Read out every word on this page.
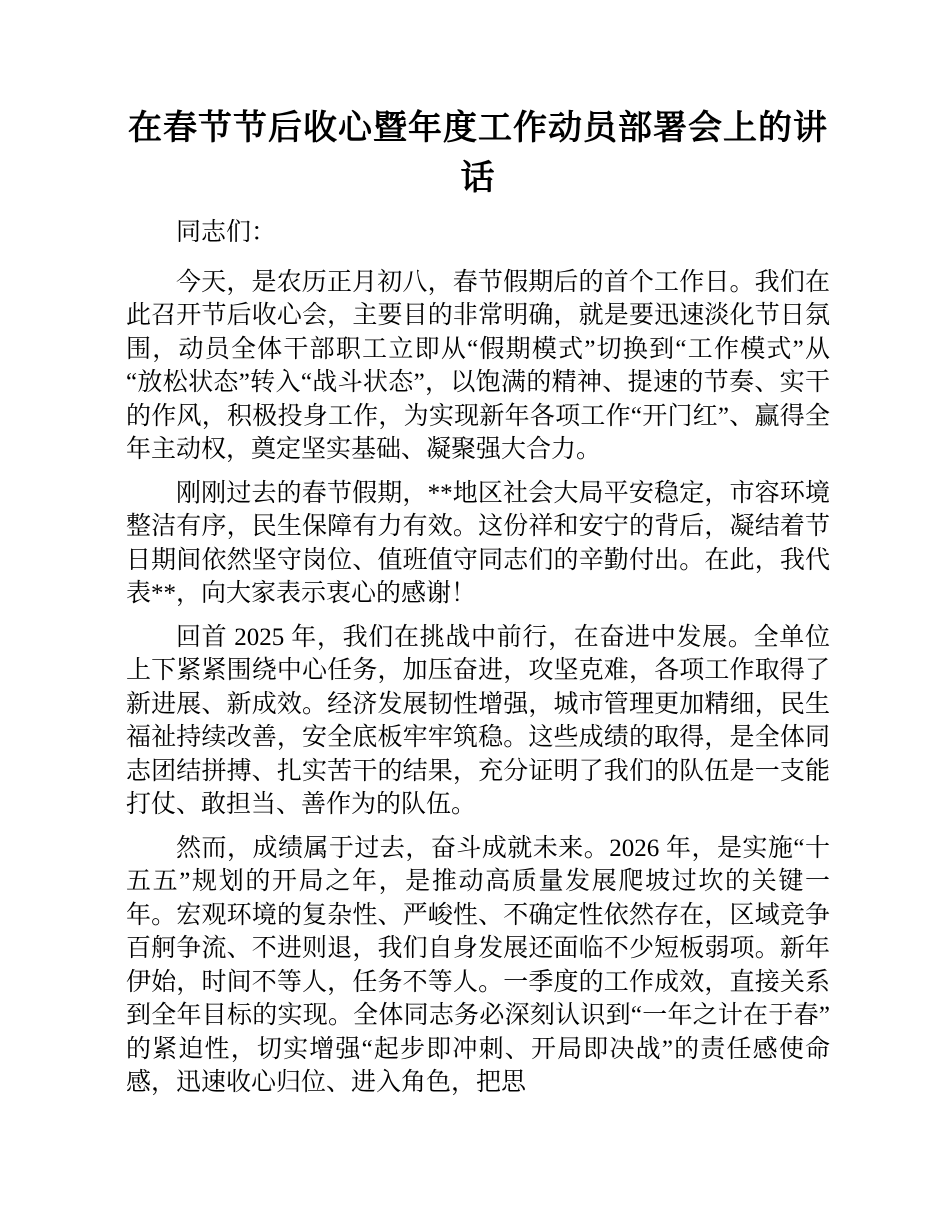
在春节节后收心暨年度工作动员部署会上的讲话

同志们：

今天，是农历正月初八，春节假期后的首个工作日。我们在此召开节后收心会，主要目的非常明确，就是要迅速淡化节日氛围，动员全体干部职工立即从“假期模式”切换到“工作模式”从“放松状态”转入“战斗状态”，以饱满的精神、提速的节奏、实干的作风，积极投身工作，为实现新年各项工作“开门红”、赢得全年主动权，奠定坚实基础、凝聚强大合力。

刚刚过去的春节假期，**地区社会大局平安稳定，市容环境整洁有序，民生保障有力有效。这份祥和安宁的背后，凝结着节日期间依然坚守岗位、值班值守同志们的辛勤付出。在此，我代表**，向大家表示衷心的感谢！

回首 2025 年，我们在挑战中前行，在奋进中发展。全单位上下紧紧围绕中心任务，加压奋进，攻坚克难，各项工作取得了新进展、新成效。经济发展韧性增强，城市管理更加精细，民生福祉持续改善，安全底板牢牢筑稳。这些成绩的取得，是全体同志团结拼搏、扎实苦干的结果，充分证明了我们的队伍是一支能打仗、敢担当、善作为的队伍。

然而，成绩属于过去，奋斗成就未来。2026 年，是实施“十五五”规划的开局之年，是推动高质量发展爬坡过坎的关键一年。宏观环境的复杂性、严峻性、不确定性依然存在，区域竞争百舸争流、不进则退，我们自身发展还面临不少短板弱项。新年伊始，时间不等人，任务不等人。一季度的工作成效，直接关系到全年目标的实现。全体同志务必深刻认识到“一年之计在于春”的紧迫性，切实增强“起步即冲刺、开局即决战”的责任感使命感，迅速收心归位、进入角色，把思
